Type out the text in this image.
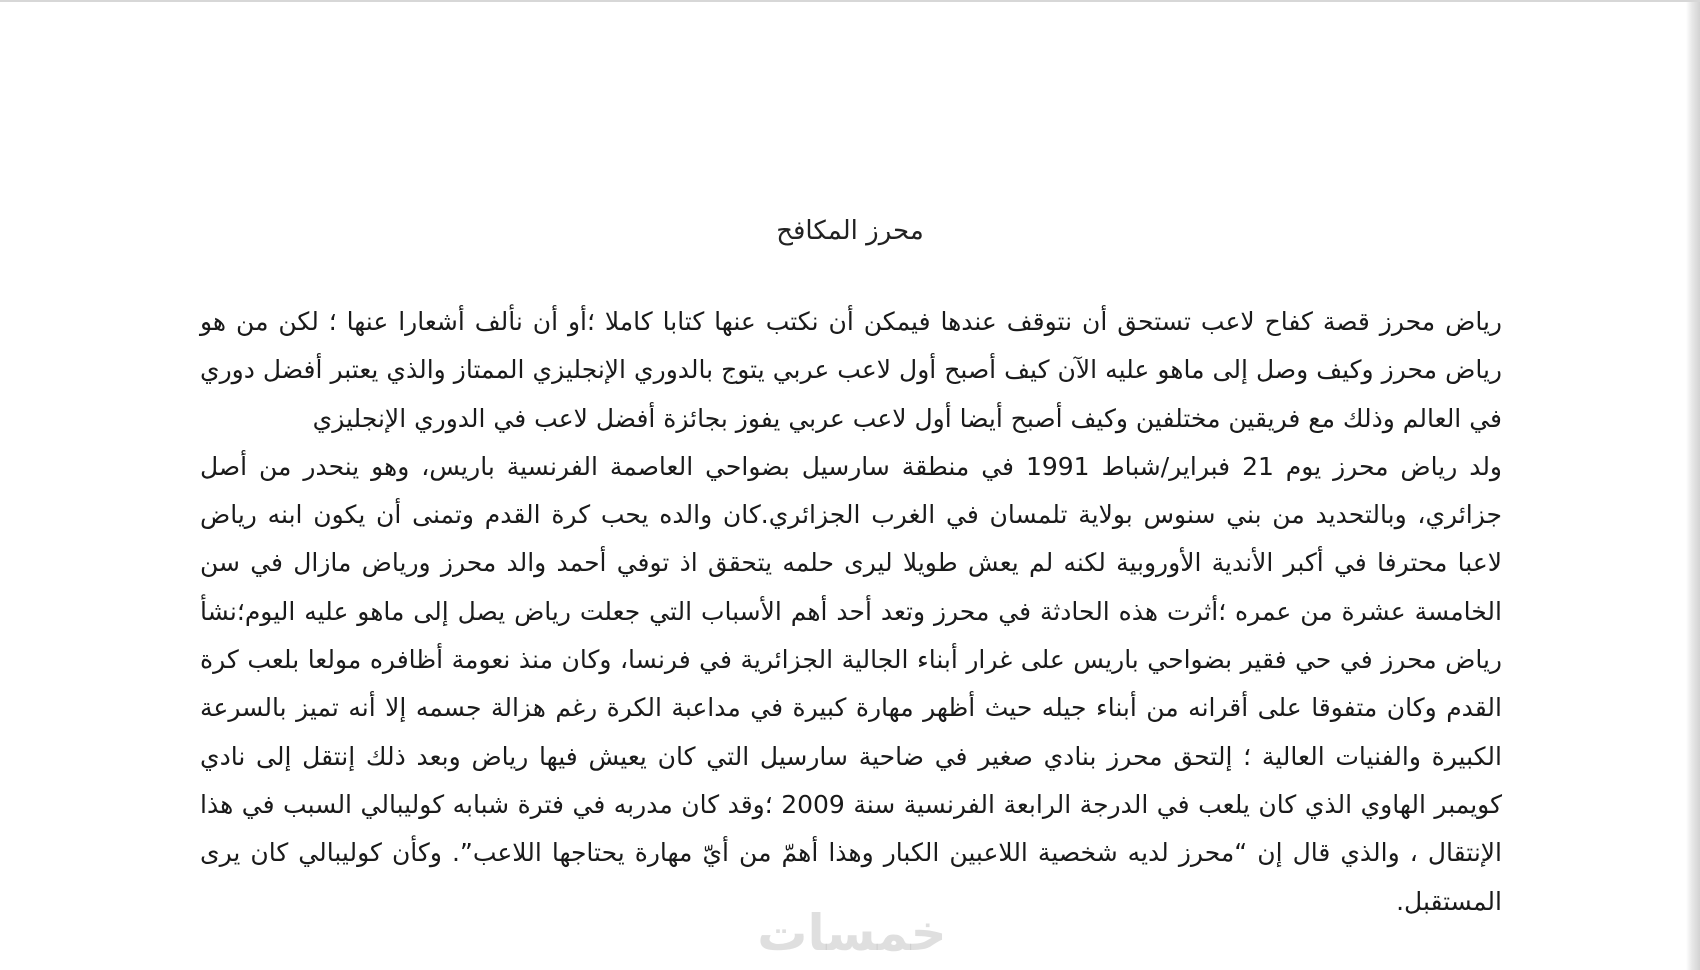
محرز المكافح

رياض محرز قصة كفاح لاعب تستحق أن نتوقف عندها فيمكن أن نكتب عنها كتابا كاملا ؛أو أن نألف أشعارا عنها ؛ لكن من هو رياض محرز وكيف وصل إلى ماهو عليه الآن كيف أصبح أول لاعب عربي يتوج بالدوري الإنجليزي الممتاز والذي يعتبر أفضل دوري في العالم وذلك مع فريقين مختلفين وكيف أصبح أيضا أول لاعب عربي يفوز بجائزة أفضل لاعب في الدوري الإنجليزي

ولد رياض محرز يوم 21 فبراير/شباط 1991 في منطقة سارسيل بضواحي العاصمة الفرنسية باريس، وهو ينحدر من أصل جزائري، وبالتحديد من بني سنوس بولاية تلمسان في الغرب الجزائري.كان والده يحب كرة القدم وتمنى أن يكون ابنه رياض لاعبا محترفا في أكبر الأندية الأوروبية لكنه لم يعش طويلا ليرى حلمه يتحقق اذ توفي أحمد والد محرز ورياض مازال في سن الخامسة عشرة من عمره ؛أثرت هذه الحادثة في محرز وتعد أحد أهم الأسباب التي جعلت رياض يصل إلى ماهو عليه اليوم؛نشأ رياض محرز في حي فقير بضواحي باريس على غرار أبناء الجالية الجزائرية في فرنسا، وكان منذ نعومة أظافره مولعا بلعب كرة القدم وكان متفوقا على أقرانه من أبناء جيله حيث أظهر مهارة كبيرة في مداعبة الكرة رغم هزالة جسمه إلا أنه تميز بالسرعة الكبيرة والفنيات العالية ؛ إلتحق محرز بنادي صغير في ضاحية سارسيل التي كان يعيش فيها رياض وبعد ذلك إنتقل إلى نادي كويمبر الهاوي الذي كان يلعب في الدرجة الرابعة الفرنسية سنة 2009 ؛وقد كان مدربه في فترة شبابه كوليبالي السبب في هذا الإنتقال ، والذي قال إن “محرز لديه شخصية اللاعبين الكبار وهذا أهمّ من أيّ مهارة يحتاجها اللاعب”. وكأن كوليبالي كان يرى المستقبل.

خمسات
